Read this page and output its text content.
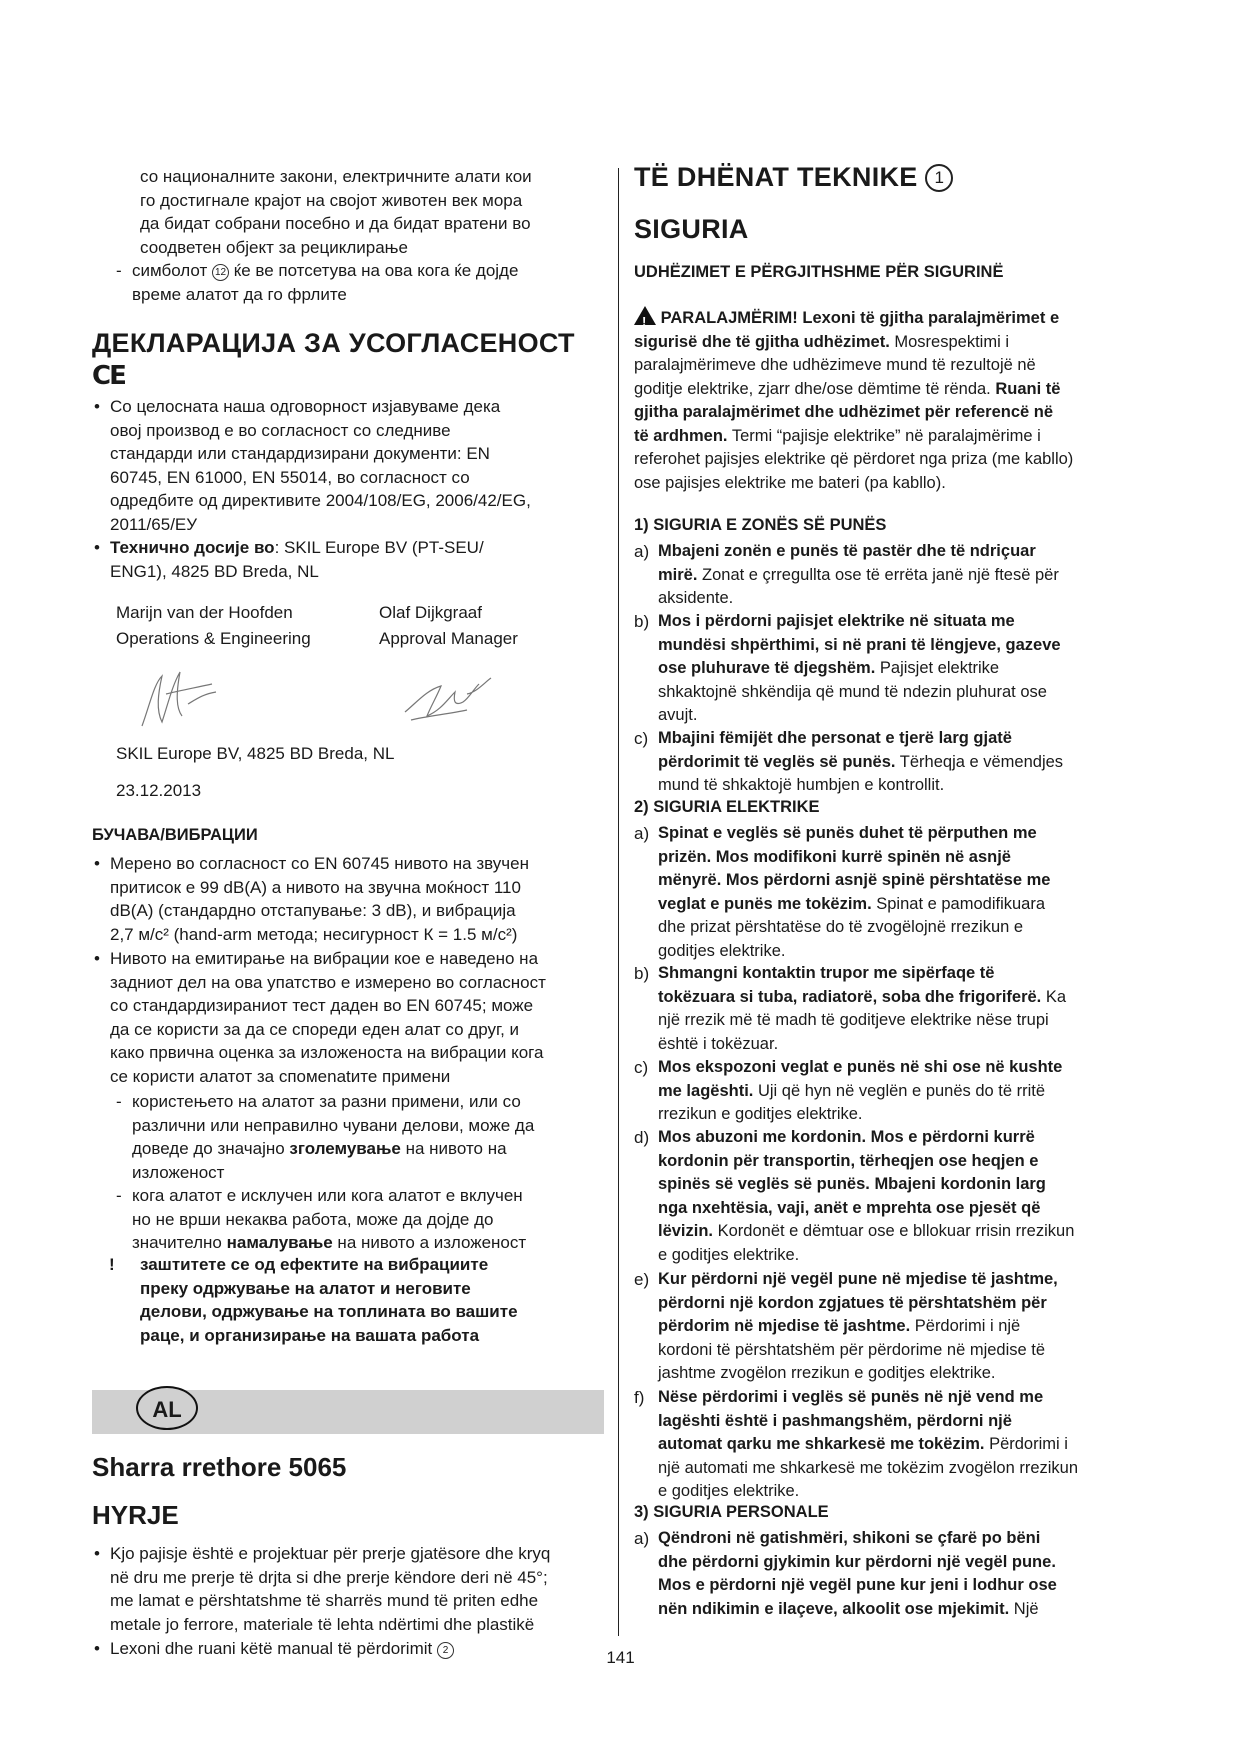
со националните закони, електричните алати кои
го достигнале крајот на својот животен век мора
да бидат собрани посебно и да бидат вратени во
соодветен објект за рециклирање
- симболот 12 ќе ве потсетува на ова кога ќе дојде
време алатот да го фрлите
ДЕКЛАРАЦИЈА ЗА УСОГЛАСЕНОСТ
CE
• Со целосната наша одговорност изјавуваме дека
овој производ е во согласност со следниве
стандарди или стандардизирани документи: EN
60745, EN 61000, EN 55014, во согласност со
одредбите од директивите 2004/108/EG, 2006/42/EG,
2011/65/ЕУ
• Технично досије во: SKIL Europe BV (PT-SEU/
ENG1), 4825 BD Breda, NL
Marijn van der Hoofden
Operations & Engineering
Olaf Dijkgraaf
Approval Manager
SKIL Europe BV, 4825 BD Breda, NL
23.12.2013
БУЧАВА/ВИБРАЦИИ
• Мерено во согласност со EN 60745 нивото на звучен
притисок е 99 dB(A) а нивото на звучна моќност 110
dB(A) (стандардно отстапување: 3 dB), и вибрација
2,7 м/с² (hand-arm метода; несигурност К = 1.5 м/с²)
• Нивото на емитирање на вибрации кое е наведено на
задниот дел на ова упатство е измерено во согласност
со стандардизираниот тест даден во EN 60745; може
да се користи за да се спореди еден алат со друг, и
како првична оценка за изложеноста на вибрации кога
се користи алатот за спомenatите примени
- користењето на алатот за разни примени, или со
различни или неправилно чувани делови, може да
доведе до значајно зголемување на нивото на
изложеност
- кога алатот е исклучен или кога алатот е вклучен
но не врши некаква работа, може да дојде до
значително намалување на нивото а изложеност
! заштитете се од ефектите на вибрациите
преку одржување на алатот и неговите
делови, одржување на топлината во вашите
раце, и организирање на вашата работа
AL
Sharra rrethore 5065
HYRJE
• Kjo pajisje është e projektuar për prerje gjatësore dhe kryq
në dru me prerje të drjta si dhe prerje këndore deri në 45°;
me lamat e përshtatshme të sharrës mund të priten edhe
metale jo ferrore, materiale të lehta ndërtimi dhe plastikë
• Lexoni dhe ruani këtë manual të përdorimit 2
TË DHËNAT TEKNIKE 1
SIGURIA
UDHËZIMET E PËRGJITHSHME PËR SIGURINË
! PARALAJMËRIM! Lexoni të gjitha paralajmërimet e
sigurisë dhe të gjitha udhëzimet. Mosrespektimi i
paralajmërimeve dhe udhëzimeve mund të rezultojë në
goditje elektrike, zjarr dhe/ose dëmtime të rënda. Ruani të
gjitha paralajmërimet dhe udhëzimet për referencë në
të ardhmen. Termi “pajisje elektrike” në paralajmërime i
referohet pajisjes elektrike që përdoret nga priza (me kabllo)
ose pajisjes elektrike me bateri (pa kabllo).
1) SIGURIA E ZONËS SË PUNËS
a) Mbajeni zonën e punës të pastër dhe të ndriçuar
mirë. Zonat e çrregullta ose të errëta janë një ftesë për
aksidente.
b) Mos i përdorni pajisjet elektrike në situata me
mundësi shpërthimi, si në prani të lëngjeve, gazeve
ose pluhurave të djegshëm. Pajisjet elektrike
shkaktojnë shkëndija që mund të ndezin pluhurat ose
avujt.
c) Mbajini fëmijët dhe personat e tjerë larg gjatë
përdorimit të veglës së punës. Tërheqja e vëmendjes
mund të shkaktojë humbjen e kontrollit.
2) SIGURIA ELEKTRIKE
a) Spinat e veglës së punës duhet të përputhen me
prizën. Mos modifikoni kurrë spinën në asnjë
mënyrë. Mos përdorni asnjë spinë përshtatëse me
veglat e punës me tokëzim. Spinat e pamodifikuara
dhe prizat përshtatëse do të zvogëlojnë rrezikun e
goditjes elektrike.
b) Shmangni kontaktin trupor me sipërfaqe të
tokëzuara si tuba, radiatorë, soba dhe frigoriferë. Ka
një rrezik më të madh të goditjeve elektrike nëse trupi
është i tokëzuar.
c) Mos ekspozoni veglat e punës në shi ose në kushte
me lagështi. Uji që hyn në veglën e punës do të rritë
rrezikun e goditjes elektrike.
d) Mos abuzoni me kordonin. Mos e përdorni kurrë
kordonin për transportin, tërheqjen ose heqjen e
spinës së veglës së punës. Mbajeni kordonin larg
nga nxehtësia, vaji, anët e mprehta ose pjesët që
lëvizin. Kordonët e dëmtuar ose e bllokuar rrisin rrezikun
e goditjes elektrike.
e) Kur përdorni një vegël pune në mjedise të jashtme,
përdorni një kordon zgjatues të përshtatshëm për
përdorim në mjedise të jashtme. Përdorimi i një
kordoni të përshtatshëm për përdorime në mjedise të
jashtme zvogëlon rrezikun e goditjes elektrike.
f) Nëse përdorimi i veglës së punës në një vend me
lagështi është i pashmangshëm, përdorni një
automat qarku me shkarkesë me tokëzim. Përdorimi i
një automati me shkarkesë me tokëzim zvogëlon rrezikun
e goditjes elektrike.
3) SIGURIA PERSONALE
a) Qëndroni në gatishmëri, shikoni se çfarë po bëni
dhe përdorni gjykimin kur përdorni një vegël pune.
Mos e përdorni një vegël pune kur jeni i lodhur ose
nën ndikimin e ilaçeve, alkoolit ose mjekimit. Një
141
